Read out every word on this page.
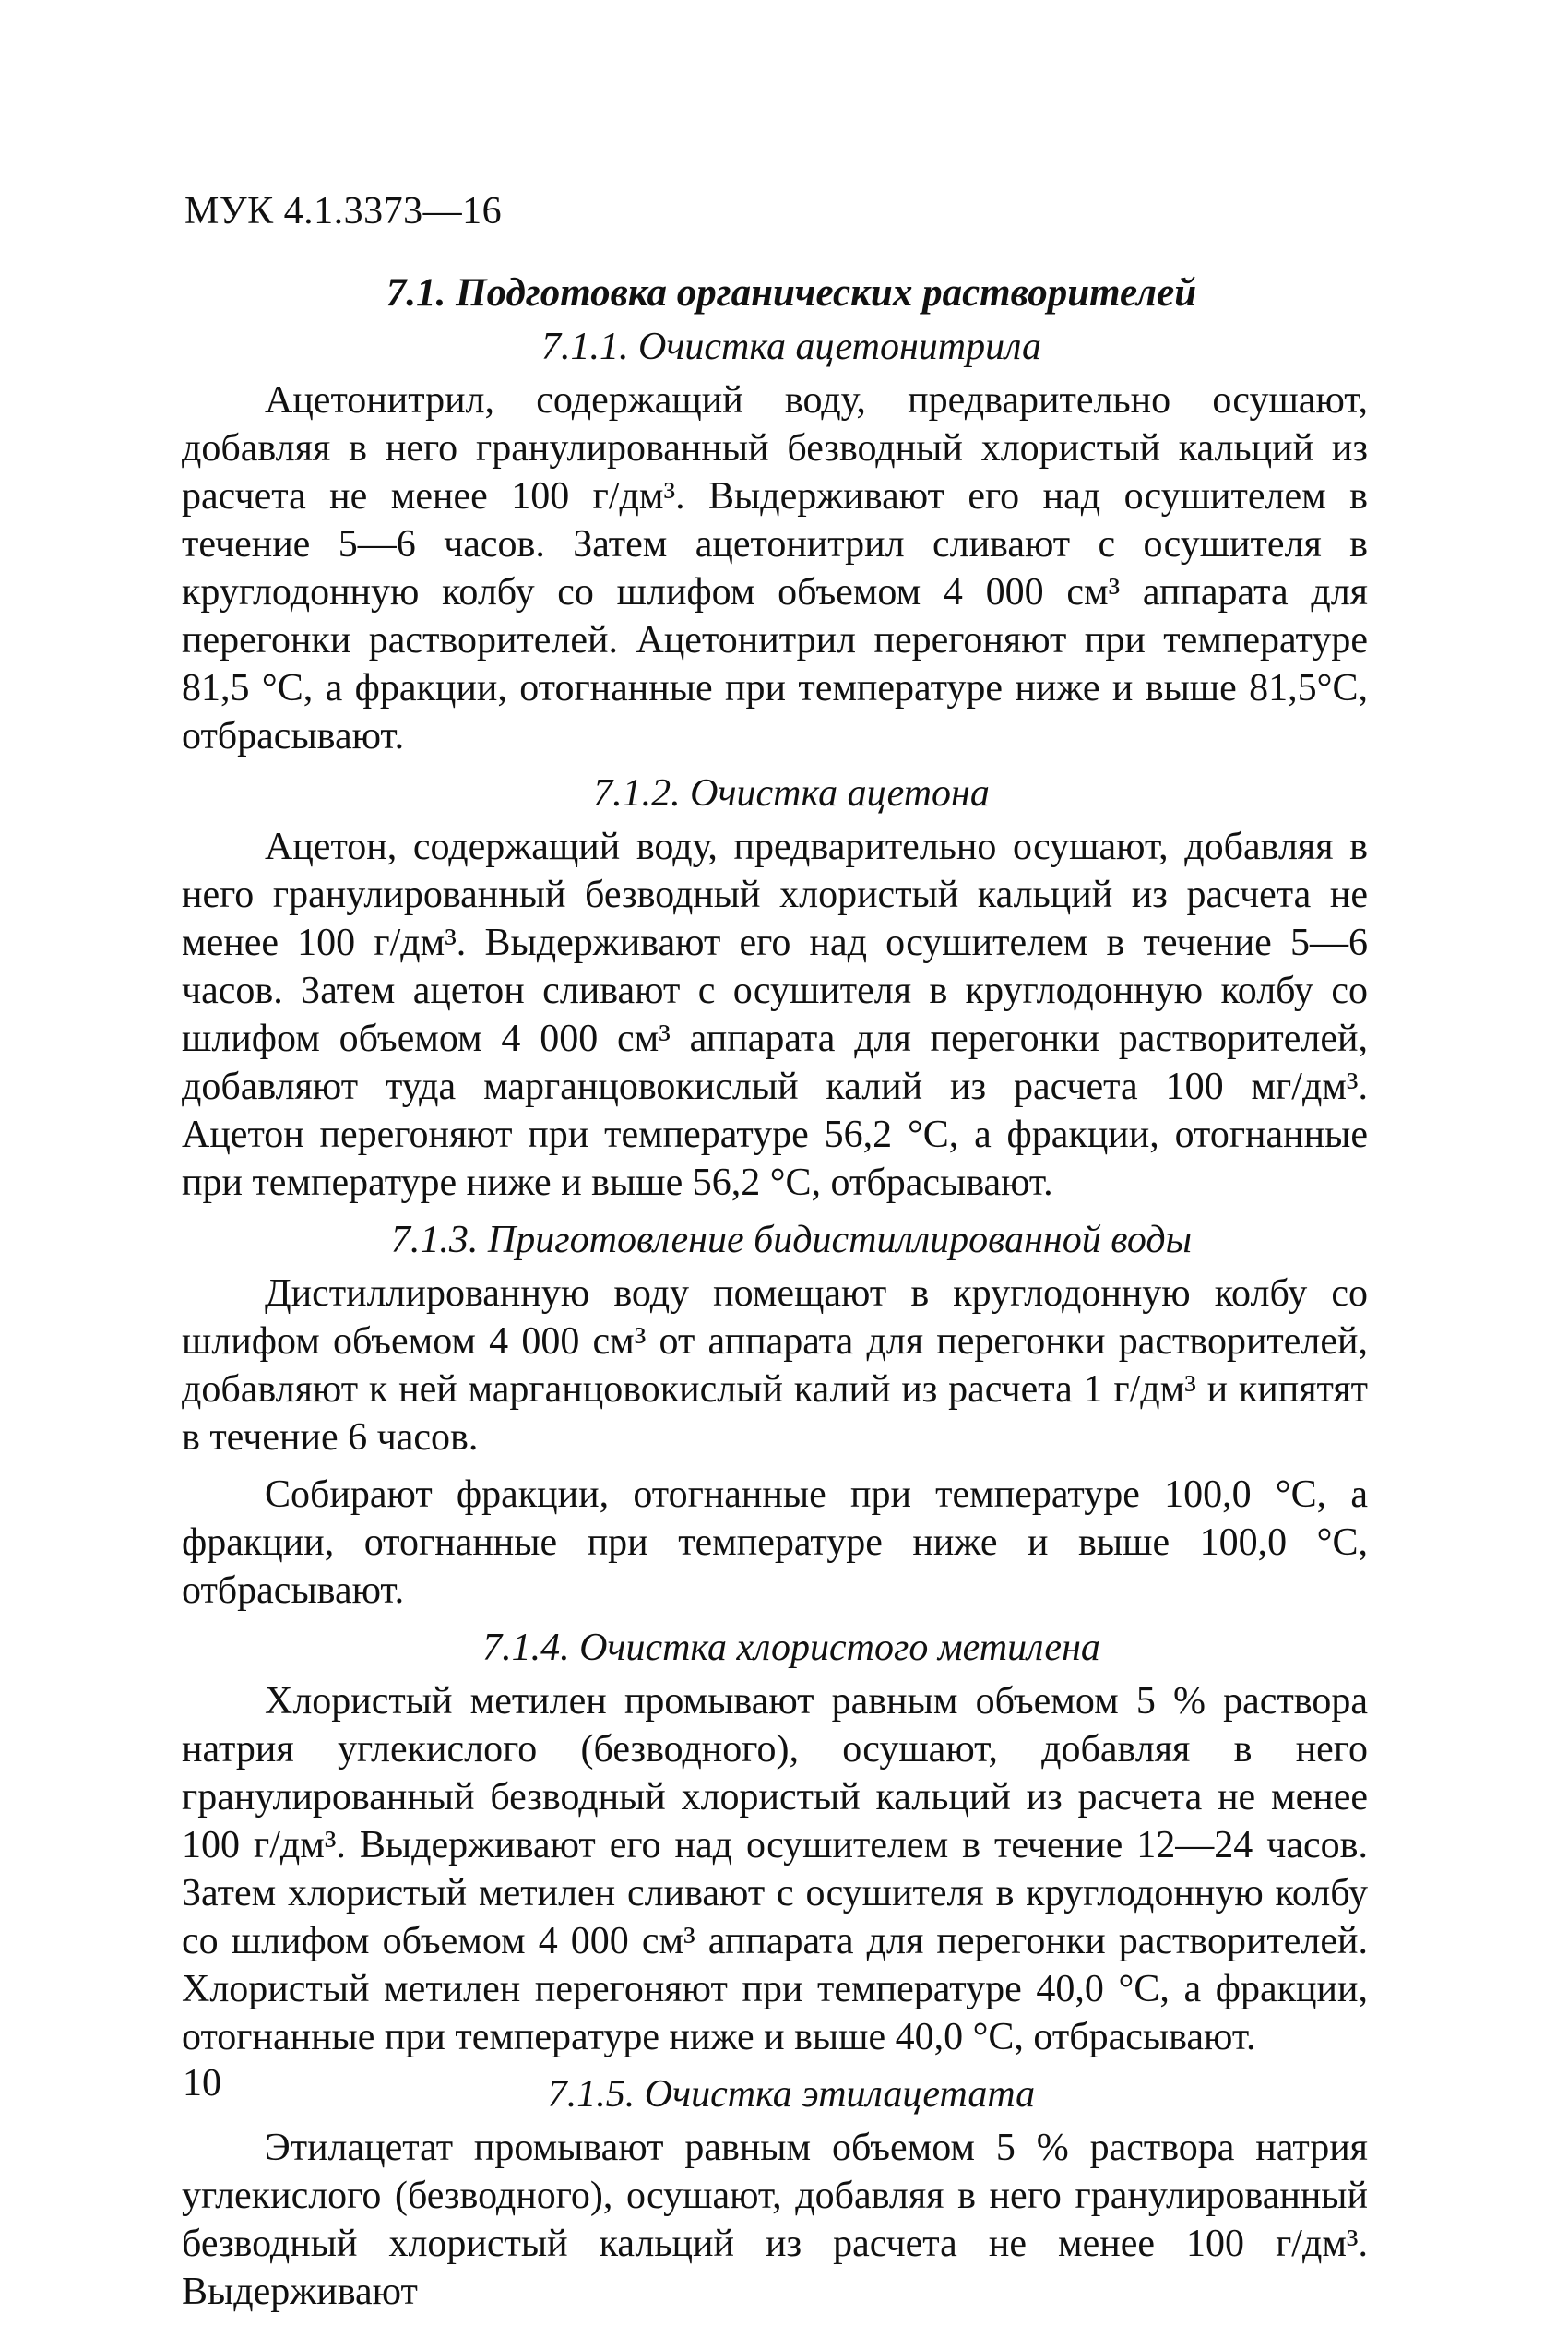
МУК 4.1.3373—16
7.1. Подготовка органических растворителей
7.1.1. Очистка ацетонитрила

Ацетонитрил, содержащий воду, предварительно осушают, добавляя в него гранулированный безводный хлористый кальций из расчета не менее 100 г/дм³. Выдерживают его над осушителем в течение 5—6 часов. Затем ацетонитрил сливают с осушителя в круглодонную колбу со шлифом объемом 4 000 см³ аппарата для перегонки растворителей. Ацетонитрил перегоняют при температуре 81,5 °С, а фракции, отогнанные при температуре ниже и выше 81,5°С, отбрасывают.

7.1.2. Очистка ацетона

Ацетон, содержащий воду, предварительно осушают, добавляя в него гранулированный безводный хлористый кальций из расчета не менее 100 г/дм³. Выдерживают его над осушителем в течение 5—6 часов. Затем ацетон сливают с осушителя в круглодонную колбу со шлифом объемом 4 000 см³ аппарата для перегонки растворителей, добавляют туда марганцовокислый калий из расчета 100 мг/дм³. Ацетон перегоняют при температуре 56,2 °С, а фракции, отогнанные при температуре ниже и выше 56,2 °С, отбрасывают.

7.1.3. Приготовление бидистиллированной воды

Дистиллированную воду помещают в круглодонную колбу со шлифом объемом 4 000 см³ от аппарата для перегонки растворителей, добавляют к ней марганцовокислый калий из расчета 1 г/дм³ и кипятят в течение 6 часов.

Собирают фракции, отогнанные при температуре 100,0 °С, а фракции, отогнанные при температуре ниже и выше 100,0 °С, отбрасывают.

7.1.4. Очистка хлористого метилена

Хлористый метилен промывают равным объемом 5 % раствора натрия углекислого (безводного), осушают, добавляя в него гранулированный безводный хлористый кальций из расчета не менее 100 г/дм³. Выдерживают его над осушителем в течение 12—24 часов. Затем хлористый метилен сливают с осушителя в круглодонную колбу со шлифом объемом 4 000 см³ аппарата для перегонки растворителей. Хлористый метилен перегоняют при температуре 40,0 °С, а фракции, отогнанные при температуре ниже и выше 40,0 °С, отбрасывают.

7.1.5. Очистка этилацетата

Этилацетат промывают равным объемом 5 % раствора натрия углекислого (безводного), осушают, добавляя в него гранулированный безводный хлористый кальций из расчета не менее 100 г/дм³. Выдерживают

10
